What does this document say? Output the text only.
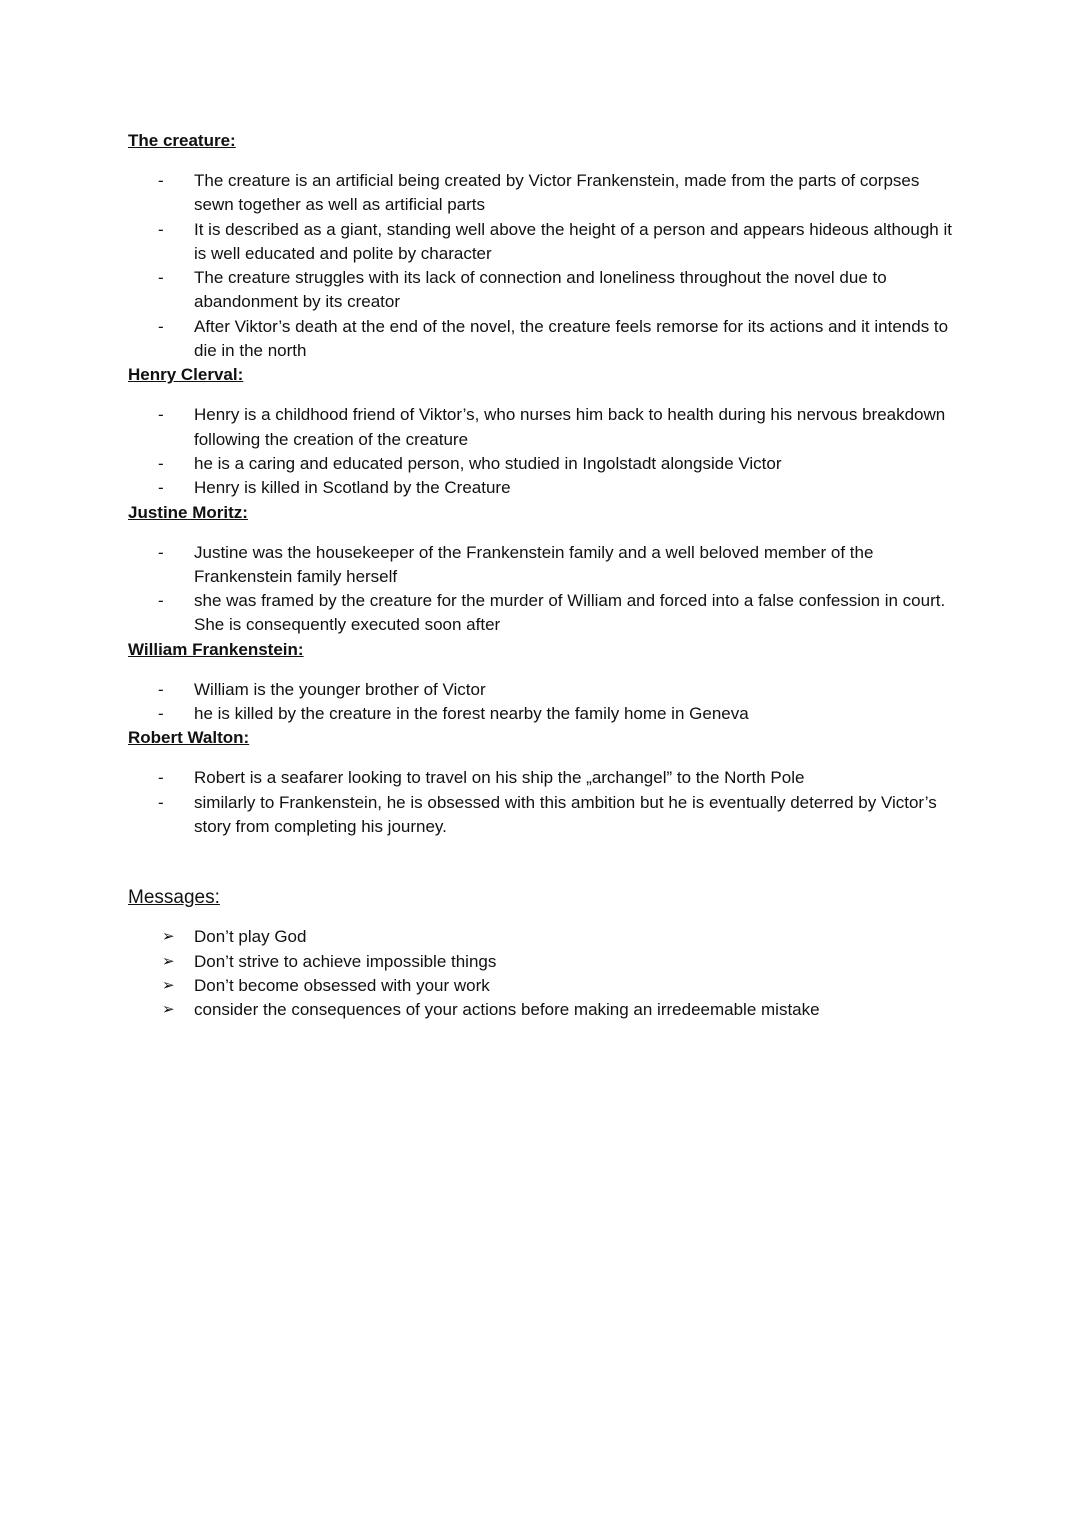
The creature:
-
The creature is an artificial being created by Victor Frankenstein, made from the parts of corpses sewn together as well as artificial parts
-
It is described as a giant, standing well above the height of a person and appears hideous although it is well educated and polite by character
-
The creature struggles with its lack of connection and loneliness throughout the novel due to abandonment by its creator
-
After Viktor’s death at the end of the novel, the creature feels remorse for its actions and it intends to die in the north
Henry Clerval:
-
Henry is a childhood friend of Viktor’s, who nurses him back to health during his nervous breakdown following the creation of the creature
-
he is a caring and educated person, who studied in Ingolstadt alongside Victor
-
Henry is killed in Scotland by the Creature
Justine Moritz:
-
Justine was the housekeeper of the Frankenstein family and a well beloved member of the Frankenstein family herself
-
she was framed by the creature for the murder of William and forced into a false confession in court. She is consequently executed soon after
William Frankenstein:
-
William is the younger brother of Victor
-
he is killed by the creature in the forest nearby the family home in Geneva
Robert Walton:
-
Robert is a seafarer looking to travel on his ship the „archangel” to the North Pole
-
similarly to Frankenstein, he is obsessed with this ambition but he is eventually deterred by Victor’s story from completing his journey.
Messages:
➢
Don’t play God
➢
Don’t strive to achieve impossible things
➢
Don’t become obsessed with your work
➢
consider the consequences of your actions before making an irredeemable mistake
